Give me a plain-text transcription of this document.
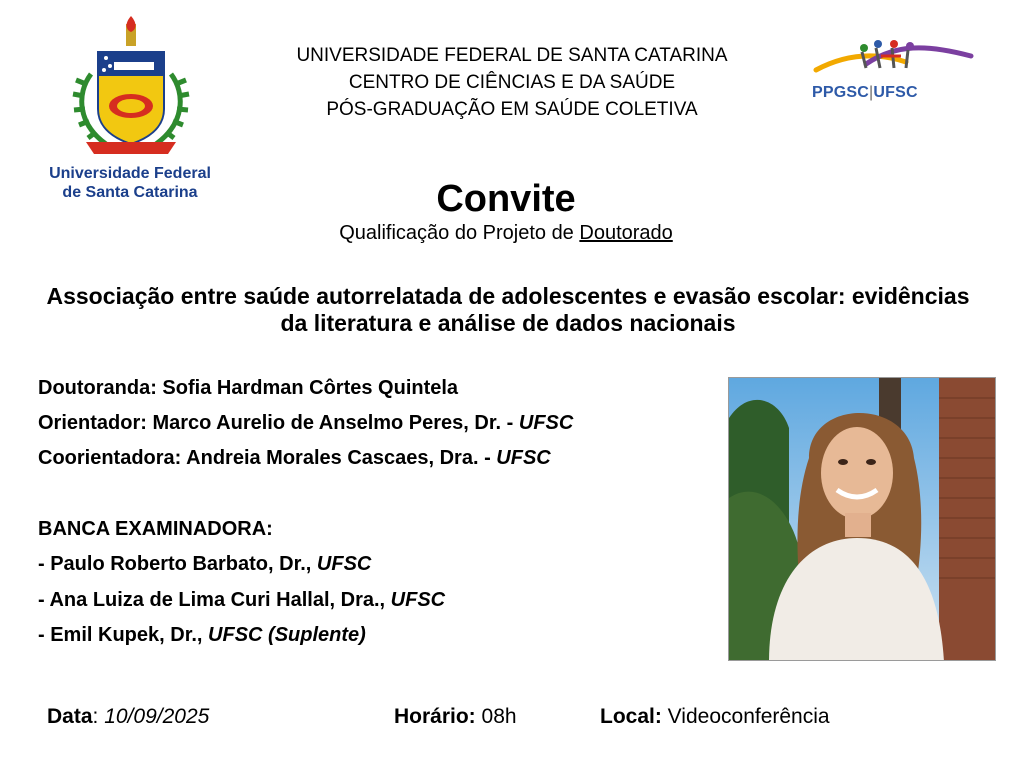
Universidade Federal
de Santa Catarina
UNIVERSIDADE FEDERAL DE SANTA CATARINA
CENTRO DE CIÊNCIAS E DA SAÚDE
PÓS-GRADUAÇÃO EM SAÚDE COLETIVA
PPGSC|UFSC
Convite
Qualificação do Projeto de Doutorado
Associação entre saúde autorrelatada de adolescentes e evasão escolar: evidências da literatura e análise de dados nacionais
Doutoranda: Sofia Hardman Côrtes Quintela
Orientador: Marco Aurelio de Anselmo Peres, Dr. - UFSC
Coorientadora: Andreia Morales Cascaes, Dra. - UFSC
BANCA EXAMINADORA:
- Paulo Roberto Barbato, Dr., UFSC
- Ana Luiza de Lima Curi Hallal, Dra., UFSC
- Emil Kupek, Dr., UFSC (Suplente)
Data: 10/09/2025	Horário: 08h	Local: Videoconferência
